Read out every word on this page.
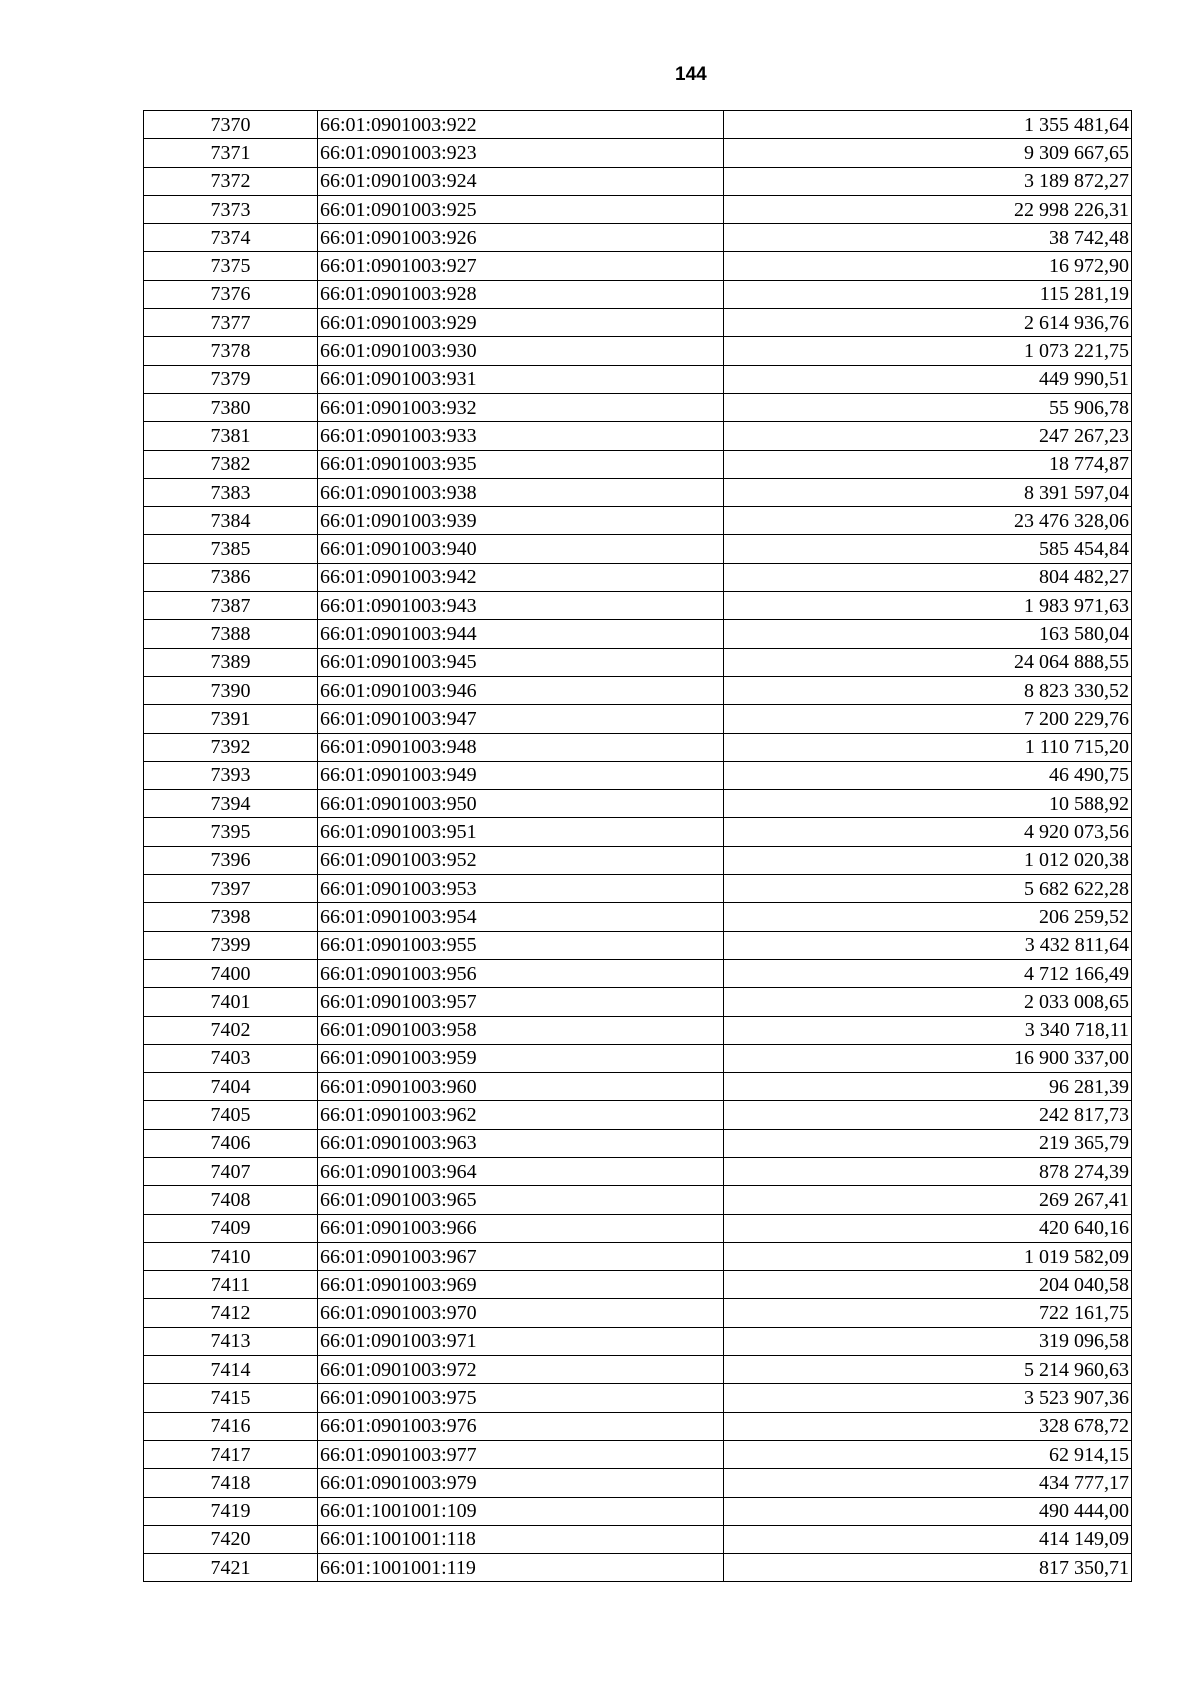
144
7370	66:01:0901003:922	1 355 481,64
7371	66:01:0901003:923	9 309 667,65
7372	66:01:0901003:924	3 189 872,27
7373	66:01:0901003:925	22 998 226,31
7374	66:01:0901003:926	38 742,48
7375	66:01:0901003:927	16 972,90
7376	66:01:0901003:928	115 281,19
7377	66:01:0901003:929	2 614 936,76
7378	66:01:0901003:930	1 073 221,75
7379	66:01:0901003:931	449 990,51
7380	66:01:0901003:932	55 906,78
7381	66:01:0901003:933	247 267,23
7382	66:01:0901003:935	18 774,87
7383	66:01:0901003:938	8 391 597,04
7384	66:01:0901003:939	23 476 328,06
7385	66:01:0901003:940	585 454,84
7386	66:01:0901003:942	804 482,27
7387	66:01:0901003:943	1 983 971,63
7388	66:01:0901003:944	163 580,04
7389	66:01:0901003:945	24 064 888,55
7390	66:01:0901003:946	8 823 330,52
7391	66:01:0901003:947	7 200 229,76
7392	66:01:0901003:948	1 110 715,20
7393	66:01:0901003:949	46 490,75
7394	66:01:0901003:950	10 588,92
7395	66:01:0901003:951	4 920 073,56
7396	66:01:0901003:952	1 012 020,38
7397	66:01:0901003:953	5 682 622,28
7398	66:01:0901003:954	206 259,52
7399	66:01:0901003:955	3 432 811,64
7400	66:01:0901003:956	4 712 166,49
7401	66:01:0901003:957	2 033 008,65
7402	66:01:0901003:958	3 340 718,11
7403	66:01:0901003:959	16 900 337,00
7404	66:01:0901003:960	96 281,39
7405	66:01:0901003:962	242 817,73
7406	66:01:0901003:963	219 365,79
7407	66:01:0901003:964	878 274,39
7408	66:01:0901003:965	269 267,41
7409	66:01:0901003:966	420 640,16
7410	66:01:0901003:967	1 019 582,09
7411	66:01:0901003:969	204 040,58
7412	66:01:0901003:970	722 161,75
7413	66:01:0901003:971	319 096,58
7414	66:01:0901003:972	5 214 960,63
7415	66:01:0901003:975	3 523 907,36
7416	66:01:0901003:976	328 678,72
7417	66:01:0901003:977	62 914,15
7418	66:01:0901003:979	434 777,17
7419	66:01:1001001:109	490 444,00
7420	66:01:1001001:118	414 149,09
7421	66:01:1001001:119	817 350,71
